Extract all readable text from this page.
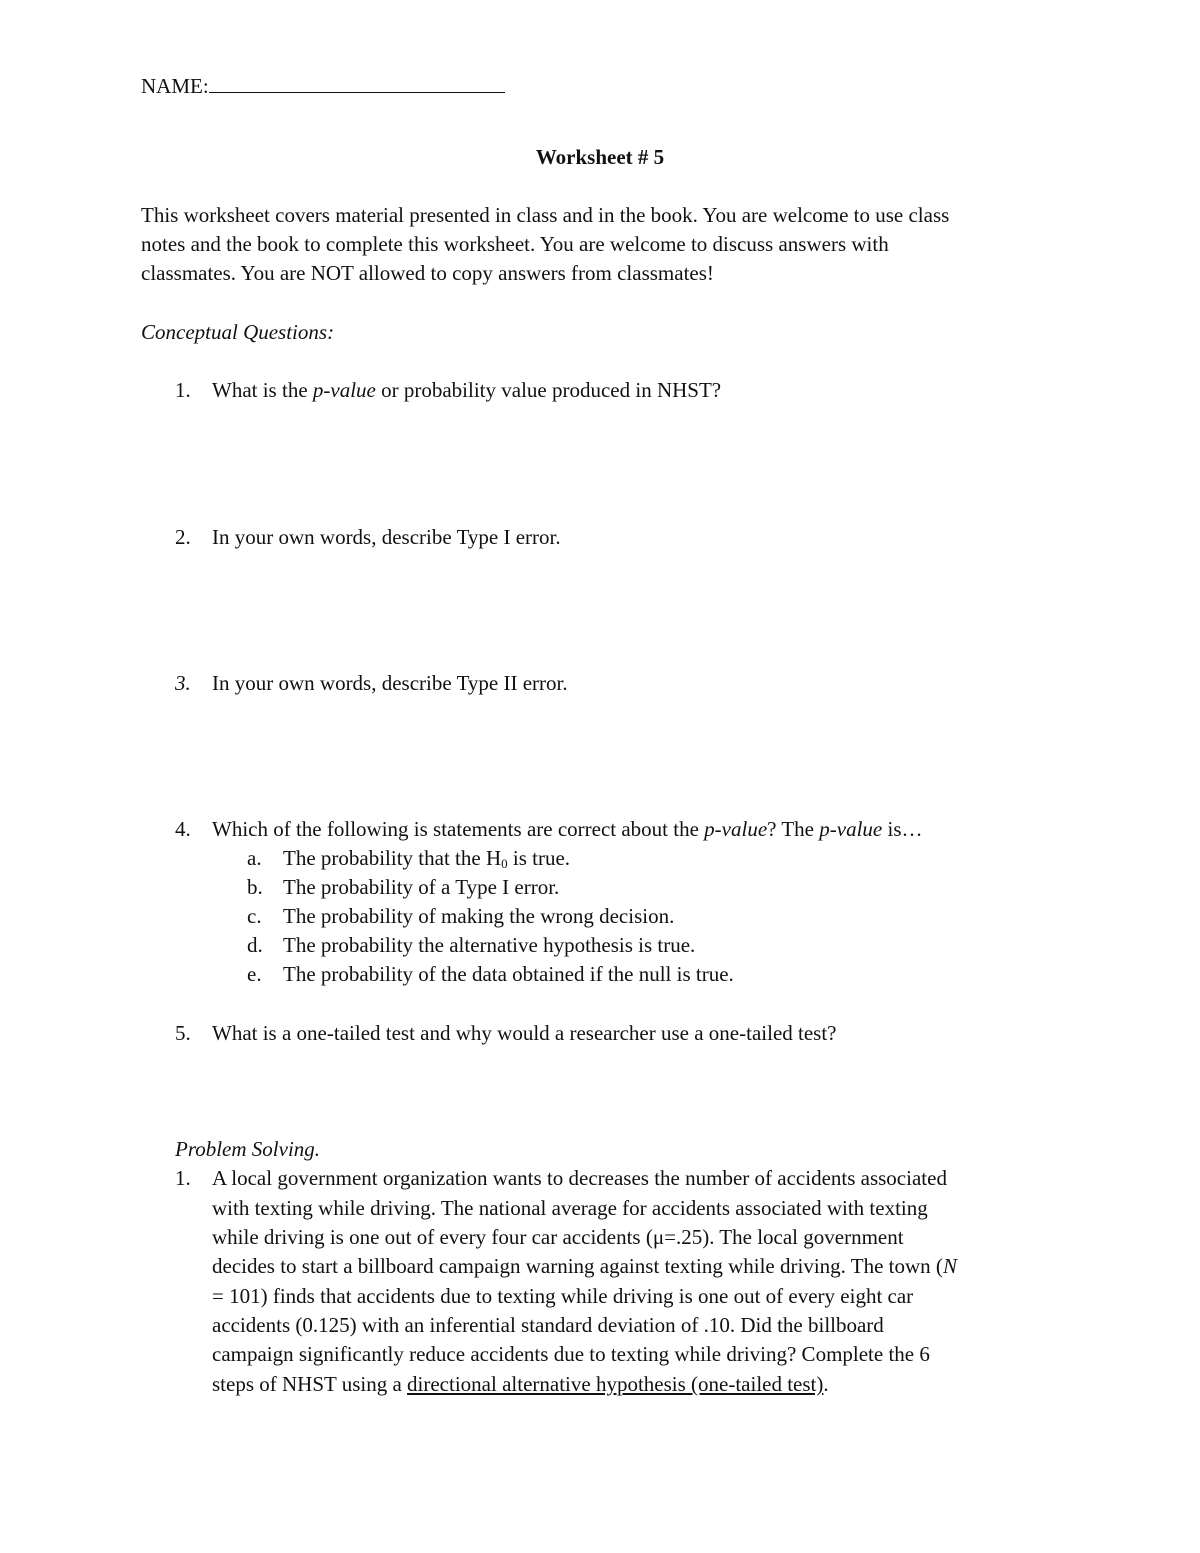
NAME:
Worksheet # 5
This worksheet covers material presented in class and in the book. You are welcome to use class
notes and the book to complete this worksheet. You are welcome to discuss answers with
classmates. You are NOT allowed to copy answers from classmates!
Conceptual Questions:
1. What is the p-value or probability value produced in NHST?
2. In your own words, describe Type I error.
3. In your own words, describe Type II error.
4. Which of the following is statements are correct about the p-value? The p-value is…
a. The probability that the $H_0$ is true.
b. The probability of a Type I error.
c. The probability of making the wrong decision.
d. The probability the alternative hypothesis is true.
e. The probability of the data obtained if the null is true.
5. What is a one-tailed test and why would a researcher use a one-tailed test?
Problem Solving.
1. A local government organization wants to decreases the number of accidents associated
with texting while driving. The national average for accidents associated with texting
while driving is one out of every four car accidents (μ=.25). The local government
decides to start a billboard campaign warning against texting while driving. The town (N
= 101) finds that accidents due to texting while driving is one out of every eight car
accidents (0.125) with an inferential standard deviation of .10. Did the billboard
campaign significantly reduce accidents due to texting while driving? Complete the 6
steps of NHST using a directional alternative hypothesis (one-tailed test).
